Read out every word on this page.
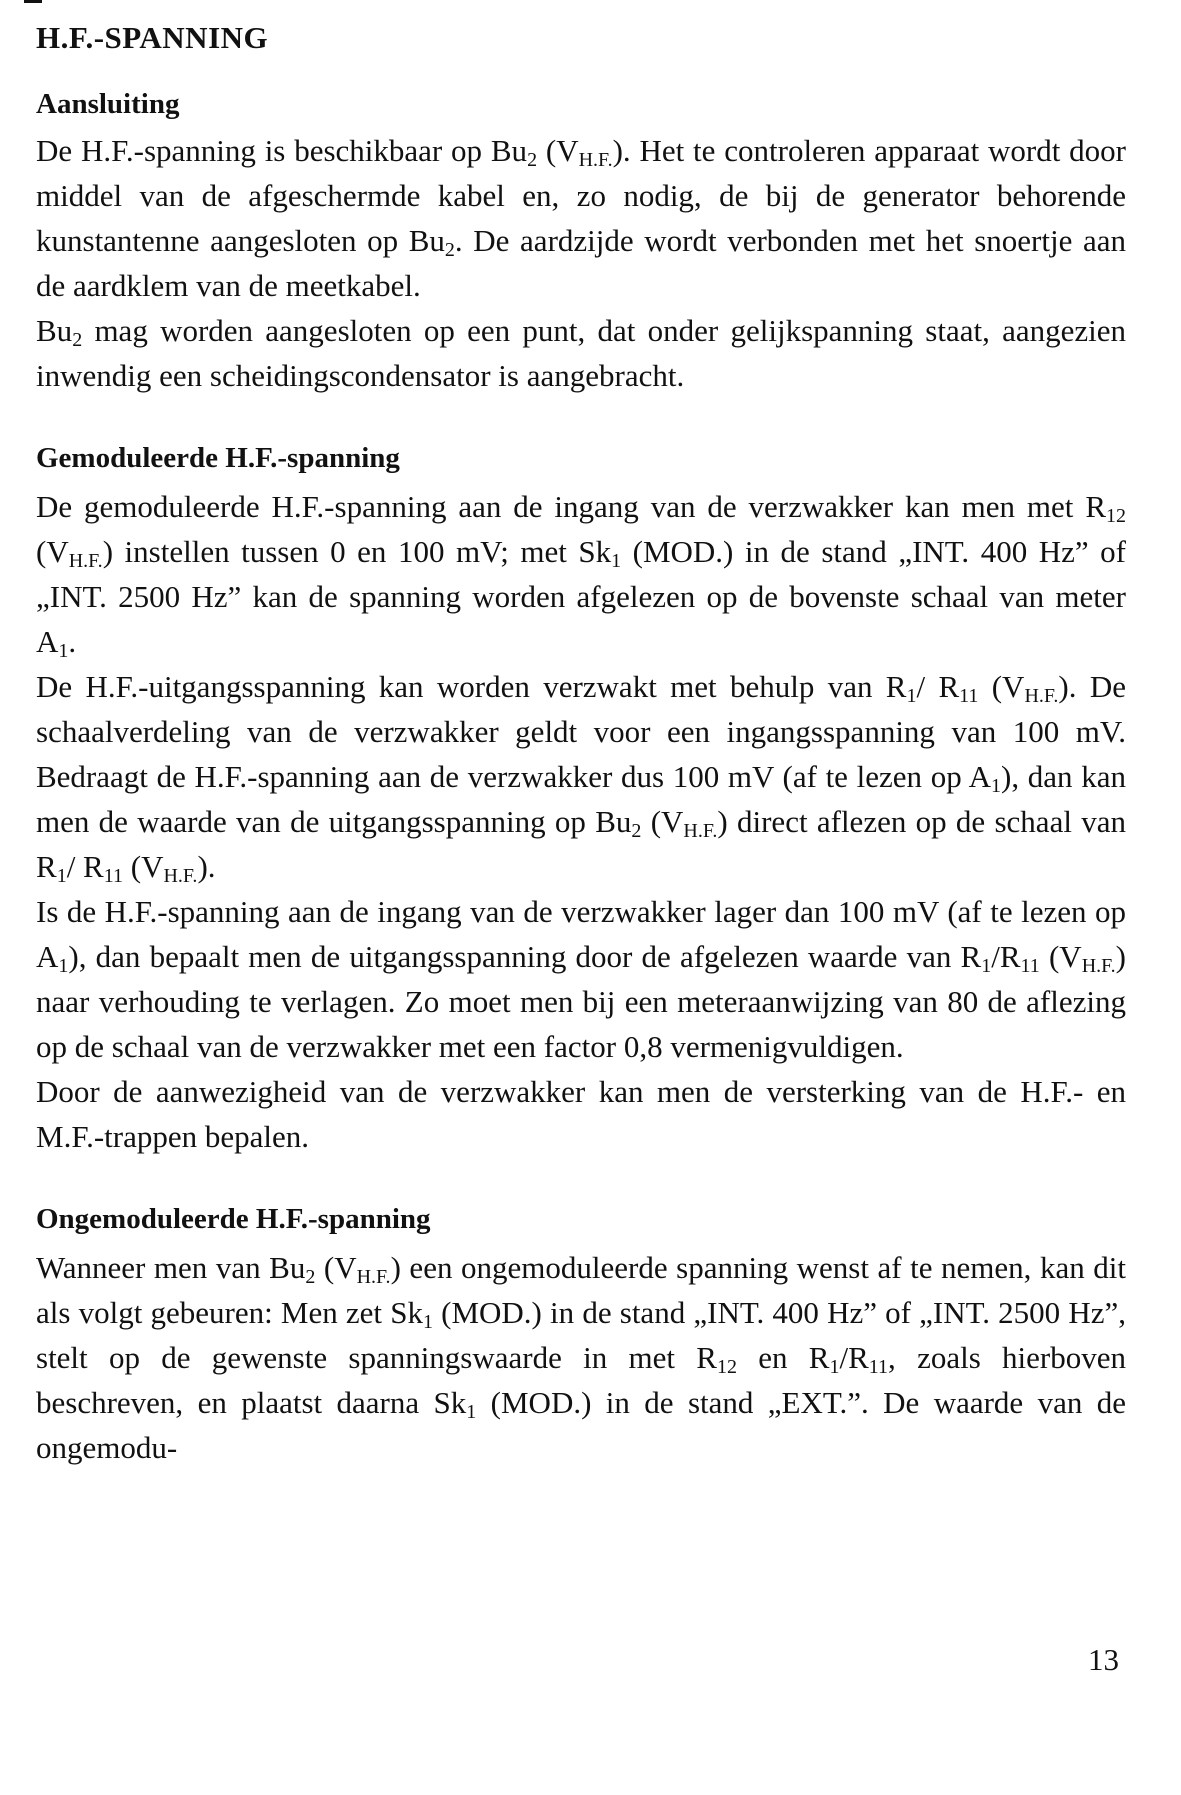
H.F.-SPANNING
Aansluiting

De H.F.-spanning is beschikbaar op $Bu_2$ $(V_{H.F.})$. Het te controleren apparaat wordt door middel van de afgeschermde kabel en, zo nodig, de bij de generator behorende kunstantenne aangesloten op $Bu_2$. De aardzijde wordt verbonden met het snoertje aan de aardklem van de meetkabel.

$Bu_2$ mag worden aangesloten op een punt, dat onder gelijkspanning staat, aangezien inwendig een scheidingscondensator is aangebracht.

Gemoduleerde H.F.-spanning

De gemoduleerde H.F.-spanning aan de ingang van de verzwakker kan men met $R_{12}$ $(V_{H.F.})$ instellen tussen 0 en 100 mV; met $Sk_1$ (MOD.) in de stand „INT. 400 Hz” of „INT. 2500 Hz” kan de spanning worden afgelezen op de bovenste schaal van meter $A_1$.

De H.F.-uitgangsspanning kan worden verzwakt met behulp van $R_1/$ $R_{11}$ $(V_{H.F.})$. De schaalverdeling van de verzwakker geldt voor een ingangsspanning van 100 mV. Bedraagt de H.F.-spanning aan de verzwakker dus 100 mV (af te lezen op $A_1$), dan kan men de waarde van de uitgangsspanning op $Bu_2$ $(V_{H.F.})$ direct aflezen op de schaal van $R_1/$ $R_{11}$ $(V_{H.F.})$.

Is de H.F.-spanning aan de ingang van de verzwakker lager dan 100 mV (af te lezen op $A_1$), dan bepaalt men de uitgangsspanning door de afgelezen waarde van $R_1/R_{11}$ $(V_{H.F.})$ naar verhouding te verlagen. Zo moet men bij een meteraanwijzing van 80 de aflezing op de schaal van de verzwakker met een factor 0,8 vermenigvuldigen.

Door de aanwezigheid van de verzwakker kan men de versterking van de H.F.- en M.F.-trappen bepalen.

Ongemoduleerde H.F.-spanning

Wanneer men van $Bu_2$ $(V_{H.F.})$ een ongemoduleerde spanning wenst af te nemen, kan dit als volgt gebeuren: Men zet $Sk_1$ (MOD.) in de stand „INT. 400 Hz” of „INT. 2500 Hz”, stelt op de gewenste spanningswaarde in met $R_{12}$ en $R_1/R_{11}$, zoals hierboven beschreven, en plaatst daarna $Sk_1$ (MOD.) in de stand „EXT.”. De waarde van de ongemodu-

13
